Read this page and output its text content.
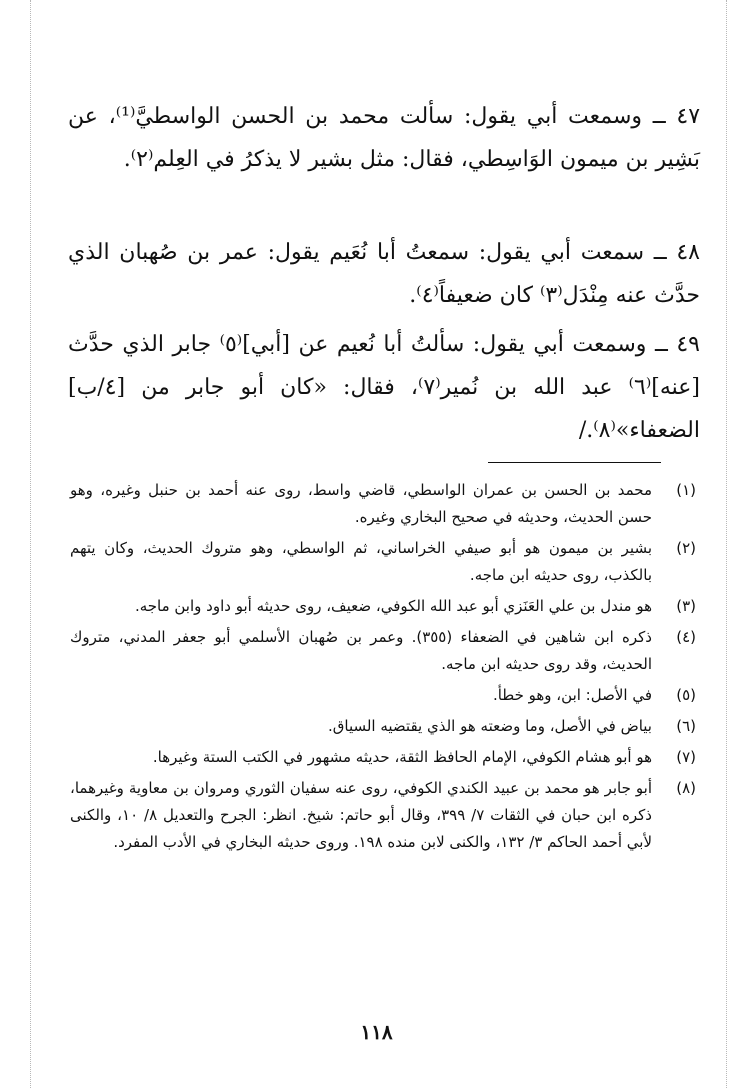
٤٧ ــ وسمعت أبي يقول: سألت محمد بن الحسن الواسطيَّ⁽¹⁾، عن بَشِير بن ميمون الوَاسِطي، فقال: مثل بشير لا يذكرُ في العِلم⁽٢⁾.

٤٨ ــ سمعت أبي يقول: سمعتُ أبا نُعَيم يقول: عمر بن صُهبان الذي حدَّث عنه مِنْدَل⁽٣⁾ كان ضعيفاً⁽٤⁾.

٤٩ ــ وسمعت أبي يقول: سألتُ أبا نُعيم عن [أبي]⁽٥⁾ جابر الذي حدَّث [عنه]⁽٦⁾ عبد الله بن نُمير⁽٧⁾، فقال: «كان أبو جابر من [٤/ب] الضعفاء»⁽٨⁾./

(١)
محمد بن الحسن بن عمران الواسطي، قاضي واسط، روى عنه أحمد بن حنبل وغيره، وهو حسن الحديث، وحديثه في صحيح البخاري وغيره.
(٢)
بشير بن ميمون هو أبو صيفي الخراساني، ثم الواسطي، وهو متروك الحديث، وكان يتهم بالكذب، روى حديثه ابن ماجه.
(٣)
هو مندل بن علي العَنَزي أبو عبد الله الكوفي، ضعيف، روى حديثه أبو داود وابن ماجه.
(٤)
ذكره ابن شاهين في الضعفاء (٣٥٥). وعمر بن صُهبان الأسلمي أبو جعفر المدني، متروك الحديث، وقد روى حديثه ابن ماجه.
(٥)
في الأصل: ابن، وهو خطأ.
(٦)
بياض في الأصل، وما وضعته هو الذي يقتضيه السياق.
(٧)
هو أبو هشام الكوفي، الإمام الحافظ الثقة، حديثه مشهور في الكتب الستة وغيرها.
(٨)
أبو جابر هو محمد بن عبيد الكندي الكوفي، روى عنه سفيان الثوري ومروان بن معاوية وغيرهما، ذكره ابن حبان في الثقات ٧/ ٣٩٩، وقال أبو حاتم: شيخ. انظر: الجرح والتعديل ٨/ ١٠، والكنى لأبي أحمد الحاكم ٣/ ١٣٢، والكنى لابن منده ١٩٨. وروى حديثه البخاري في الأدب المفرد.
١١٨
